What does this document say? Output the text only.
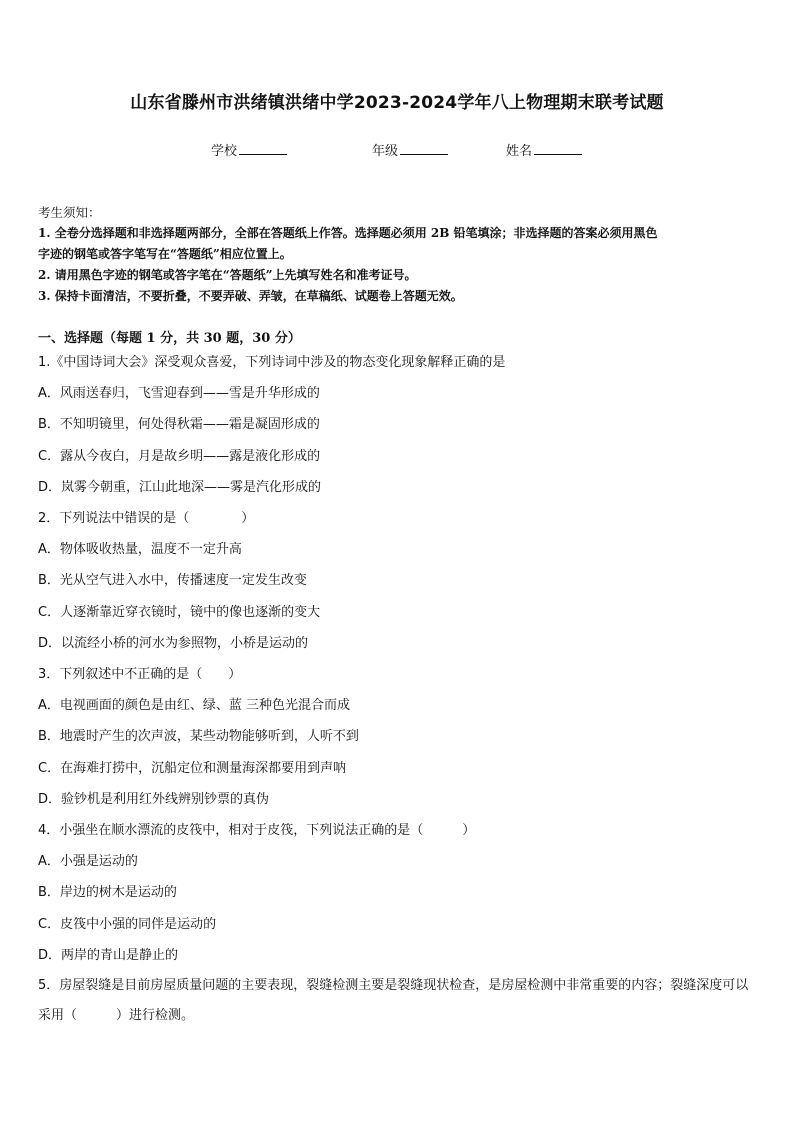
山东省滕州市洪绪镇洪绪中学2023-2024学年八上物理期末联考试题
学校	年级	姓名
考生须知：
1. 全卷分选择题和非选择题两部分，全部在答题纸上作答。选择题必须用 2B 铅笔填涂；非选择题的答案必须用黑色
字迹的钢笔或答字笔写在“答题纸”相应位置上。
2. 请用黑色字迹的钢笔或答字笔在“答题纸”上先填写姓名和准考证号。
3. 保持卡面清洁，不要折叠，不要弄破、弄皱，在草稿纸、试题卷上答题无效。
一、选择题（每题 1 分，共 30 题，30 分）
1.《中国诗词大会》深受观众喜爱，下列诗词中涉及的物态变化现象解释正确的是
A．风雨送春归，飞雪迎春到——雪是升华形成的
B．不知明镜里，何处得秋霜——霜是凝固形成的
C．露从今夜白，月是故乡明——露是液化形成的
D．岚雾今朝重，江山此地深——雾是汽化形成的
2．下列说法中错误的是（　　　　）
A．物体吸收热量，温度不一定升高
B．光从空气进入水中，传播速度一定发生改变
C．人逐渐靠近穿衣镜时，镜中的像也逐渐的变大
D．以流经小桥的河水为参照物，小桥是运动的
3．下列叙述中不正确的是（　　）
A．电视画面的颜色是由红、绿、蓝 三种色光混合而成
B．地震时产生的次声波，某些动物能够听到，人听不到
C．在海难打捞中，沉船定位和测量海深都要用到声呐
D．验钞机是利用红外线辨别钞票的真伪
4．小强坐在顺水漂流的皮筏中，相对于皮筏，下列说法正确的是（　　　）
A．小强是运动的
B．岸边的树木是运动的
C．皮筏中小强的同伴是运动的
D．两岸的青山是静止的
5．房屋裂缝是目前房屋质量问题的主要表现，裂缝检测主要是裂缝现状检查，是房屋检测中非常重要的内容；裂缝深度可以采用（　　　）进行检测。
